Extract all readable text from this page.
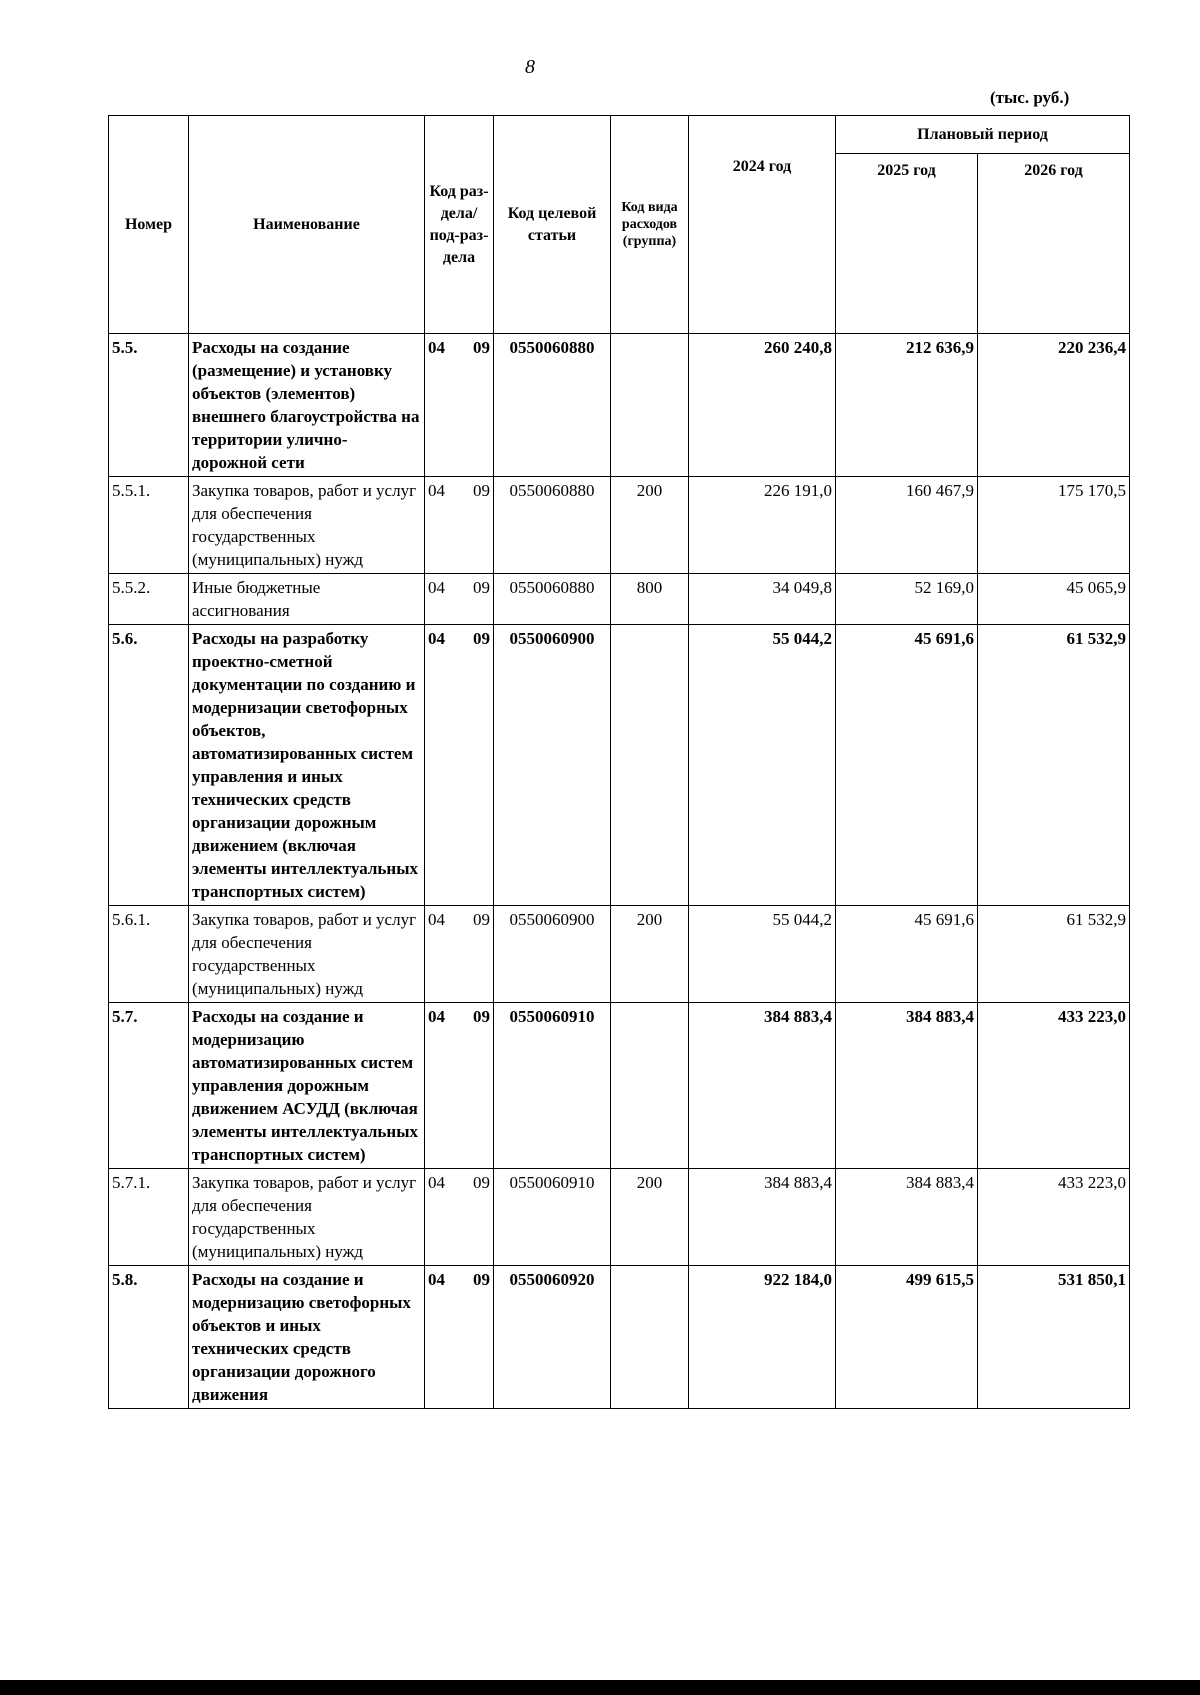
8
(тыс. руб.)
Номер	Наименование	Код раз-дела/ под-раз-дела	Код целевой статьи	Код вида расходов (группа)	2024 год	Плановый период	
						2025 год	2026 год
5.5.	Расходы на создание (размещение) и установку объектов (элементов) внешнего благоустройства на территории улично-дорожной сети	04 09	0550060880		260 240,8	212 636,9	220 236,4
5.5.1.	Закупка товаров, работ и услуг для обеспечения государственных (муниципальных) нужд	04 09	0550060880	200	226 191,0	160 467,9	175 170,5
5.5.2.	Иные бюджетные ассигнования	04 09	0550060880	800	34 049,8	52 169,0	45 065,9
5.6.	Расходы на разработку проектно-сметной документации по созданию и модернизации светофорных объектов, автоматизированных систем управления и иных технических средств организации дорожным движением (включая элементы интеллектуальных транспортных систем)	04 09	0550060900		55 044,2	45 691,6	61 532,9
5.6.1.	Закупка товаров, работ и услуг для обеспечения государственных (муниципальных) нужд	04 09	0550060900	200	55 044,2	45 691,6	61 532,9
5.7.	Расходы на создание и модернизацию автоматизированных систем управления дорожным движением АСУДД (включая элементы интеллектуальных транспортных систем)	04 09	0550060910		384 883,4	384 883,4	433 223,0
5.7.1.	Закупка товаров, работ и услуг для обеспечения государственных (муниципальных) нужд	04 09	0550060910	200	384 883,4	384 883,4	433 223,0
5.8.	Расходы на создание и модернизацию светофорных объектов и иных технических средств организации дорожного движения	04 09	0550060920		922 184,0	499 615,5	531 850,1
